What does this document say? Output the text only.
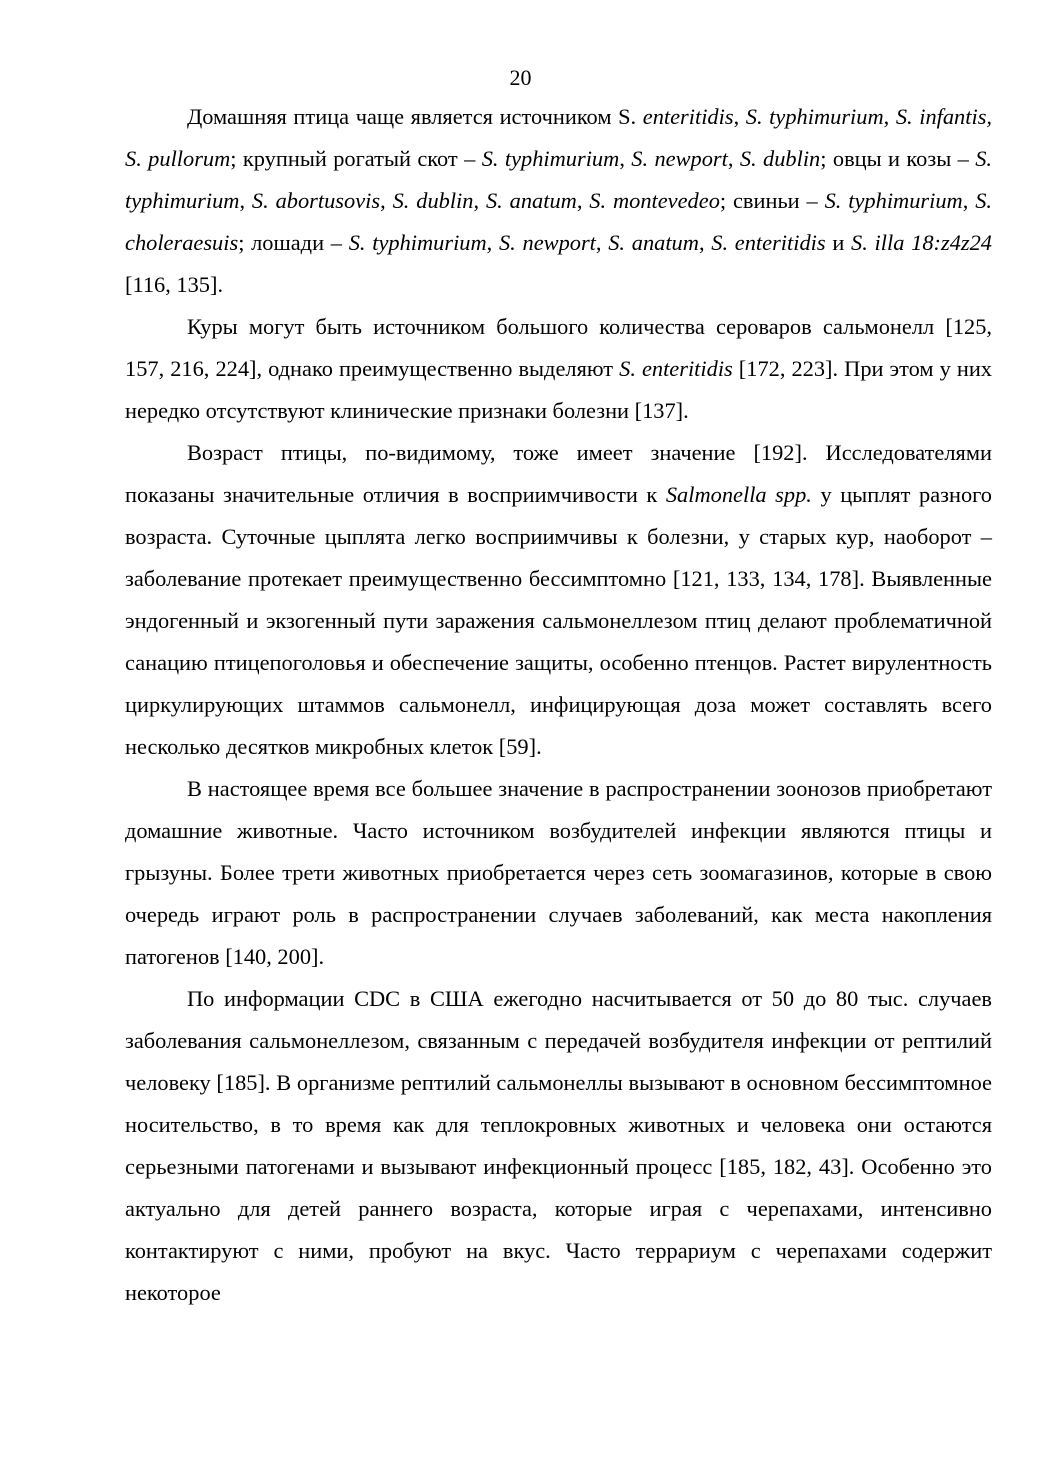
20

Домашняя птица чаще является источником S. enteritidis, S. typhimurium, S. infantis, S. pullorum; крупный рогатый скот – S. typhimurium, S. newport, S. dublin; овцы и козы – S. typhimurium, S. abortusovis, S. dublin, S. anatum, S. montevedeo; свиньи – S. typhimurium, S. choleraesuis; лошади – S. typhimurium, S. newport, S. anatum, S. enteritidis и S. illa 18:z4z24 [116, 135].

Куры могут быть источником большого количества сероваров сальмонелл [125, 157, 216, 224], однако преимущественно выделяют S. enteritidis [172, 223]. При этом у них нередко отсутствуют клинические признаки болезни [137].

Возраст птицы, по-видимому, тоже имеет значение [192]. Исследователями показаны значительные отличия в восприимчивости к Salmonella spp. у цыплят разного возраста. Суточные цыплята легко восприимчивы к болезни, у старых кур, наоборот – заболевание протекает преимущественно бессимптомно [121, 133, 134, 178]. Выявленные эндогенный и экзогенный пути заражения сальмонеллезом птиц делают проблематичной санацию птицепоголовья и обеспечение защиты, особенно птенцов. Растет вирулентность циркулирующих штаммов сальмонелл, инфицирующая доза может составлять всего несколько десятков микробных клеток [59].

В настоящее время все большее значение в распространении зоонозов приобретают домашние животные. Часто источником возбудителей инфекции являются птицы и грызуны. Более трети животных приобретается через сеть зоомагазинов, которые в свою очередь играют роль в распространении случаев заболеваний, как места накопления патогенов [140, 200].

По информации CDC в США ежегодно насчитывается от 50 до 80 тыс. случаев заболевания сальмонеллезом, связанным с передачей возбудителя инфекции от рептилий человеку [185]. В организме рептилий сальмонеллы вызывают в основном бессимптомное носительство, в то время как для теплокровных животных и человека они остаются серьезными патогенами и вызывают инфекционный процесс [185, 182, 43]. Особенно это актуально для детей раннего возраста, которые играя с черепахами, интенсивно контактируют с ними, пробуют на вкус. Часто террариум с черепахами содержит некоторое
